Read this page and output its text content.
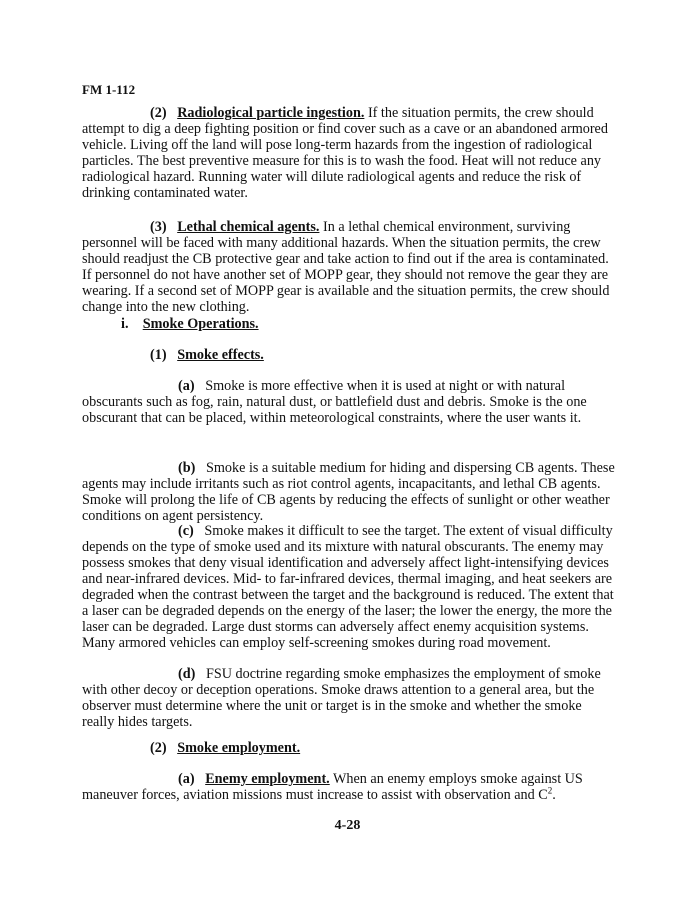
FM 1-112

(2) Radiological particle ingestion. If the situation permits, the crew should attempt to dig a deep fighting position or find cover such as a cave or an abandoned armored vehicle. Living off the land will pose long-term hazards from the ingestion of radiological particles. The best preventive measure for this is to wash the food. Heat will not reduce any radiological hazard. Running water will dilute radiological agents and reduce the risk of drinking contaminated water.

(3) Lethal chemical agents. In a lethal chemical environment, surviving personnel will be faced with many additional hazards. When the situation permits, the crew should readjust the CB protective gear and take action to find out if the area is contaminated. If personnel do not have another set of MOPP gear, they should not remove the gear they are wearing. If a second set of MOPP gear is available and the situation permits, the crew should change into the new clothing.

i. Smoke Operations.

(1) Smoke effects.

(a)   Smoke is more effective when it is used at night or with natural obscurants such as fog, rain, natural dust, or battlefield dust and debris. Smoke is the one obscurant that can be placed, within meteorological constraints, where the user wants it.

(b)   Smoke is a suitable medium for hiding and dispersing CB agents. These agents may include irritants such as riot control agents, incapacitants, and lethal CB agents. Smoke will prolong the life of CB agents by reducing the effects of sunlight or other weather conditions on agent persistency.

(c)   Smoke makes it difficult to see the target. The extent of visual difficulty depends on the type of smoke used and its mixture with natural obscurants. The enemy may possess smokes that deny visual identification and adversely affect light-intensifying devices and near-infrared devices. Mid- to far-infrared devices, thermal imaging, and heat seekers are degraded when the contrast between the target and the background is reduced. The extent that a laser can be degraded depends on the energy of the laser; the lower the energy, the more the laser can be degraded. Large dust storms can adversely affect enemy acquisition systems. Many armored vehicles can employ self-screening smokes during road movement.

(d)   FSU doctrine regarding smoke emphasizes the employment of smoke with other decoy or deception operations. Smoke draws attention to a general area, but the observer must determine where the unit or target is in the smoke and whether the smoke really hides targets.

(2) Smoke employment.

(a) Enemy employment. When an enemy employs smoke against US maneuver forces, aviation missions must increase to assist with observation and $C^2$.

4-28
